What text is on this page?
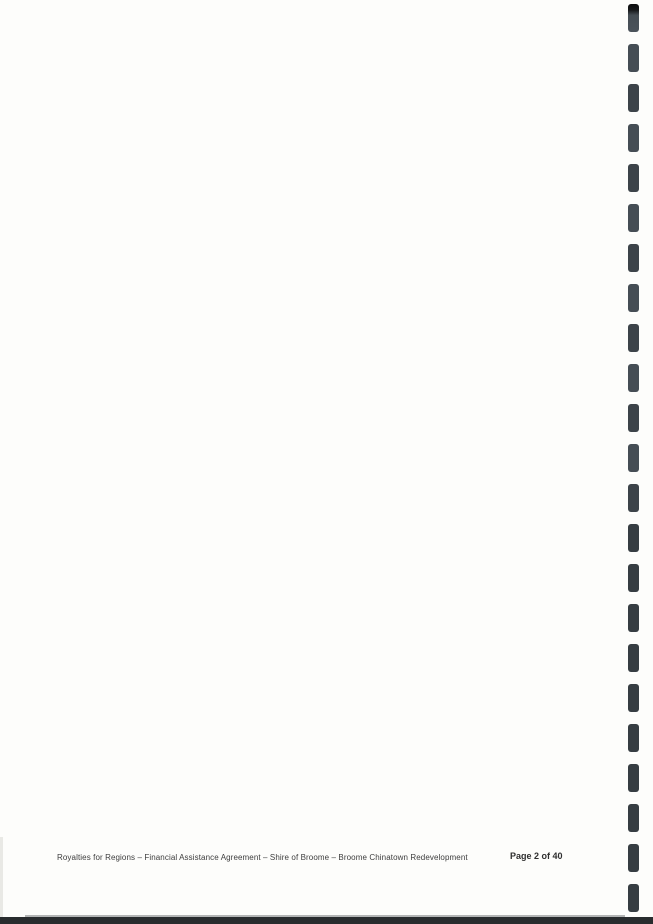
Royalties for Regions – Financial Assistance Agreement – Shire of Broome – Broome Chinatown Redevelopment	Page 2 of 40
